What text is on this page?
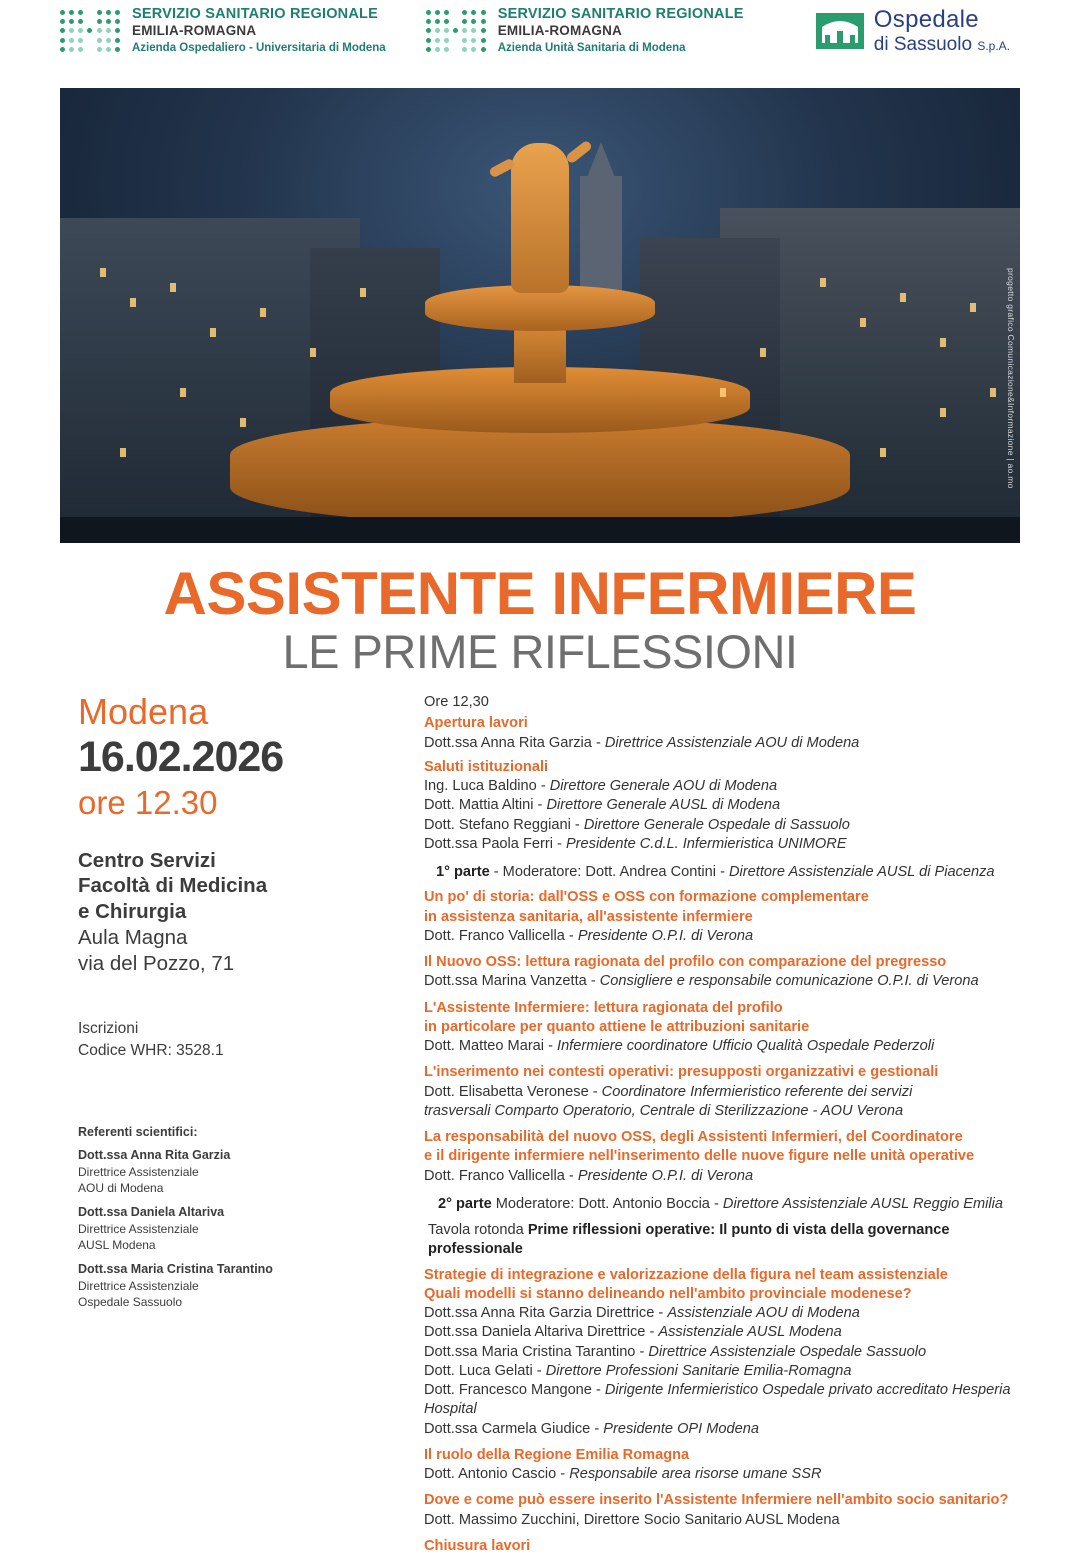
SERVIZIO SANITARIO REGIONALE
EMILIA-ROMAGNA
Azienda Ospedaliero - Universitaria di Modena
SERVIZIO SANITARIO REGIONALE
EMILIA-ROMAGNA
Azienda Unità Sanitaria di Modena
Ospedale
di Sassuolo S.p.A.
progetto grafico Comunicazione&Informazione | ao.mo
ASSISTENTE INFERMIERE
LE PRIME RIFLESSIONI
Modena
16.02.2026
ore 12.30
Centro Servizi
Facoltà di Medicina
e Chirurgia
Aula Magna
via del Pozzo, 71
Iscrizioni
Codice WHR: 3528.1
Referenti scientifici:
Dott.ssa Anna Rita Garzia
Direttrice Assistenziale
AOU di Modena
Dott.ssa Daniela Altariva
Direttrice Assistenziale
AUSL Modena
Dott.ssa Maria Cristina Tarantino
Direttrice Assistenziale
Ospedale Sassuolo
Ore 12,30
Apertura lavori
Dott.ssa Anna Rita Garzia - Direttrice Assistenziale AOU di Modena
Saluti istituzionali
Ing. Luca Baldino - Direttore Generale AOU di Modena
Dott. Mattia Altini - Direttore Generale AUSL di Modena
Dott. Stefano Reggiani - Direttore Generale Ospedale di Sassuolo
Dott.ssa Paola Ferri - Presidente C.d.L. Infermieristica UNIMORE
1° parte - Moderatore: Dott. Andrea Contini - Direttore Assistenziale AUSL di Piacenza
Un po' di storia: dall'OSS e OSS con formazione complementare
in assistenza sanitaria, all'assistente infermiere
Dott. Franco Vallicella - Presidente O.P.I. di Verona
Il Nuovo OSS: lettura ragionata del profilo con comparazione del pregresso
Dott.ssa Marina Vanzetta - Consigliere e responsabile comunicazione O.P.I. di Verona
L'Assistente Infermiere: lettura ragionata del profilo
in particolare per quanto attiene le attribuzioni sanitarie
Dott. Matteo Marai - Infermiere coordinatore Ufficio Qualità Ospedale Pederzoli
L'inserimento nei contesti operativi: presupposti organizzativi e gestionali
Dott. Elisabetta Veronese - Coordinatore Infermieristico referente dei servizi
trasversali Comparto Operatorio, Centrale di Sterilizzazione - AOU Verona
La responsabilità del nuovo OSS, degli Assistenti Infermieri, del Coordinatore
e il dirigente infermiere nell'inserimento delle nuove figure nelle unità operative
Dott. Franco Vallicella - Presidente O.P.I. di Verona
2° parte Moderatore: Dott. Antonio Boccia - Direttore Assistenziale AUSL Reggio Emilia
Tavola rotonda Prime riflessioni operative: Il punto di vista della governance professionale
Strategie di integrazione e valorizzazione della figura nel team assistenziale
Quali modelli si stanno delineando nell'ambito provinciale modenese?
Dott.ssa Anna Rita Garzia Direttrice - Assistenziale AOU di Modena
Dott.ssa Daniela Altariva Direttrice - Assistenziale AUSL Modena
Dott.ssa Maria Cristina Tarantino - Direttrice Assistenziale Ospedale Sassuolo
Dott. Luca Gelati - Direttore Professioni Sanitarie Emilia-Romagna
Dott. Francesco Mangone - Dirigente Infermieristico Ospedale privato accreditato Hesperia Hospital
Dott.ssa Carmela Giudice - Presidente OPI Modena
Il ruolo della Regione Emilia Romagna
Dott. Antonio Cascio - Responsabile area risorse umane SSR
Dove e come può essere inserito l'Assistente Infermiere nell'ambito socio sanitario?
Dott. Massimo Zucchini, Direttore Socio Sanitario AUSL Modena
Chiusura lavori
